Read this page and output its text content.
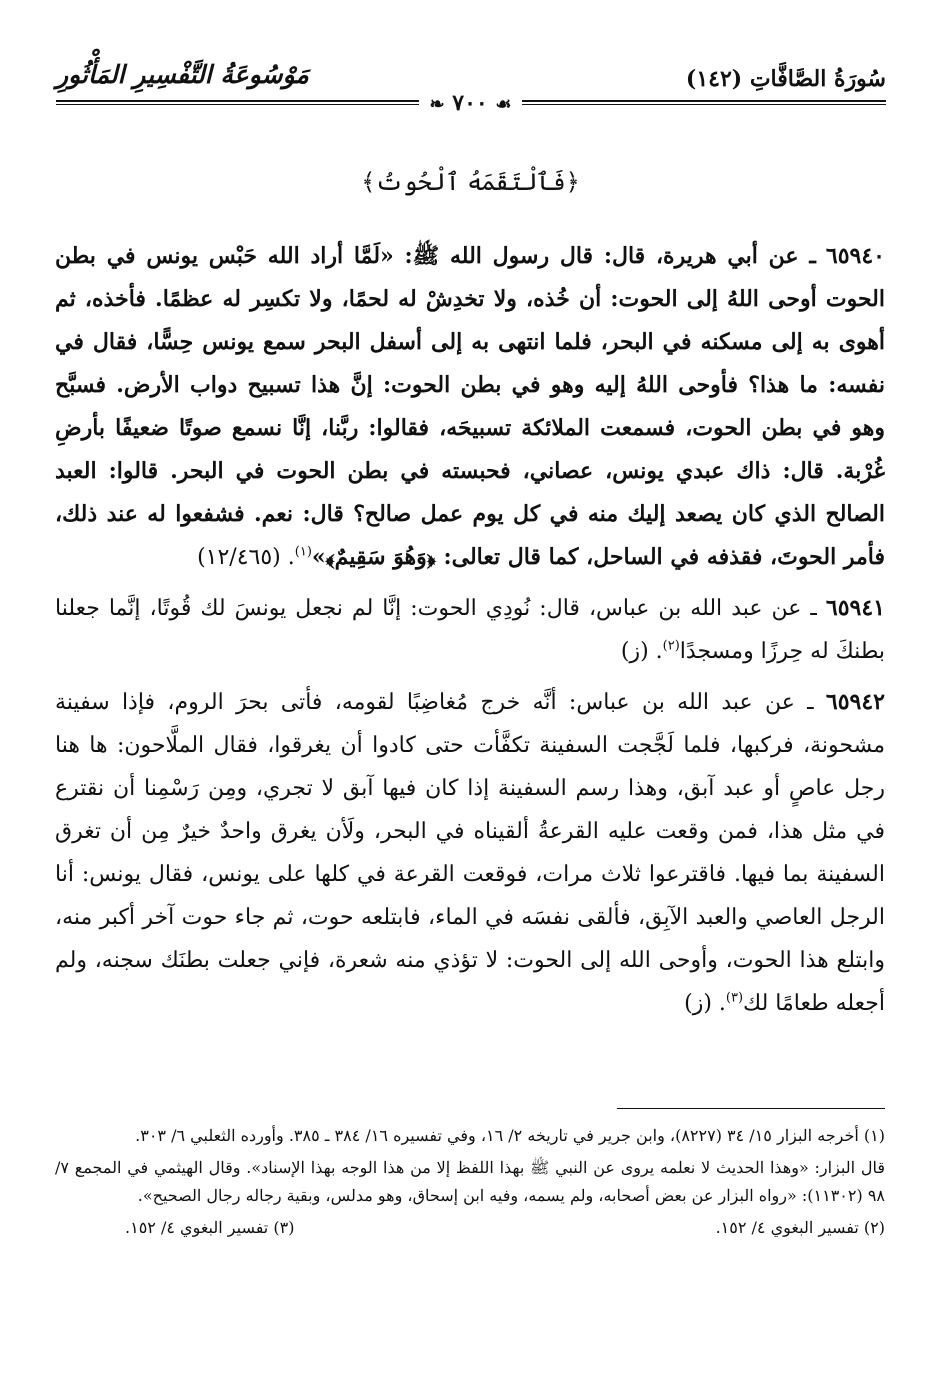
سُورَةُ الصَّافَّاتِ (١٤٢)
مَوْسُوعَةُ التَّفْسِيرِ المَأْثُورِ
❧ ٧٠٠ ☙
﴿فَٱلْتَقَمَهُ ٱلْحُوتُ﴾

٦٥٩٤٠ ـ عن أبي هريرة، قال: قال رسول الله ﷺ: «لَمَّا أراد الله حَبْس يونس في بطن الحوت أوحى اللهُ إلى الحوت: أن خُذه، ولا تخدِشْ له لحمًا، ولا تكسِر له عظمًا. فأخذه، ثم أهوى به إلى مسكنه في البحر، فلما انتهى به إلى أسفل البحر سمع يونس حِسًّا، فقال في نفسه: ما هذا؟ فأوحى اللهُ إليه وهو في بطن الحوت: إنَّ هذا تسبيح دواب الأرض. فسبَّح وهو في بطن الحوت، فسمعت الملائكة تسبيحَه، فقالوا: ربَّنا، إنَّا نسمع صوتًا ضعيفًا بأرضِ غُرْبة. قال: ذاك عبدي يونس، عصاني، فحبسته في بطن الحوت في البحر. قالوا: العبد الصالح الذي كان يصعد إليك منه في كل يوم عمل صالح؟ قال: نعم. فشفعوا له عند ذلك، فأمر الحوتَ، فقذفه في الساحل، كما قال تعالى: ﴿وَهُوَ سَقِيمٌ﴾»$^{(١)}$. (١٢/٤٦٥)

٦٥٩٤١ ـ عن عبد الله بن عباس، قال: نُودِي الحوت: إنَّا لم نجعل يونسَ لك قُوتًا، إنَّما جعلنا بطنكَ له حِرزًا ومسجدًا$^{(٢)}$. (ز)

٦٥٩٤٢ ـ عن عبد الله بن عباس: أنَّه خرج مُغاضِبًا لقومه، فأتى بحرَ الروم، فإذا سفينة مشحونة، فركبها، فلما لَجَّجت السفينة تكفَّأت حتى كادوا أن يغرقوا، فقال الملَّاحون: ها هنا رجل عاصٍ أو عبد آبق، وهذا رسم السفينة إذا كان فيها آبق لا تجري، ومِن رَسْمِنا أن نقترع في مثل هذا، فمن وقعت عليه القرعةُ ألقيناه في البحر، ولَأن يغرق واحدٌ خيرٌ مِن أن تغرق السفينة بما فيها. فاقترعوا ثلاث مرات، فوقعت القرعة في كلها على يونس، فقال يونس: أنا الرجل العاصي والعبد الآبِق، فألقى نفسَه في الماء، فابتلعه حوت، ثم جاء حوت آخر أكبر منه، وابتلع هذا الحوت، وأوحى الله إلى الحوت: لا تؤذي منه شعرة، فإني جعلت بطنَك سجنه، ولم أجعله طعامًا لك$^{(٣)}$. (ز)

(١) أخرجه البزار ١٥/ ٣٤ (٨٢٢٧)، وابن جرير في تاريخه ٢/ ١٦، وفي تفسيره ١٦/ ٣٨٤ ـ ٣٨٥. وأورده الثعلبي ٦/ ٣٠٣.

قال البزار: «وهذا الحديث لا نعلمه يروى عن النبي ﷺ بهذا اللفظ إلا من هذا الوجه بهذا الإسناد». وقال الهيثمي في المجمع ٧/ ٩٨ (١١٣٠٢): «رواه البزار عن بعض أصحابه، ولم يسمه، وفيه ابن إسحاق، وهو مدلس، وبقية رجاله رجال الصحيح».

(٢) تفسير البغوي ٤/ ١٥٢.
(٣) تفسير البغوي ٤/ ١٥٢.
